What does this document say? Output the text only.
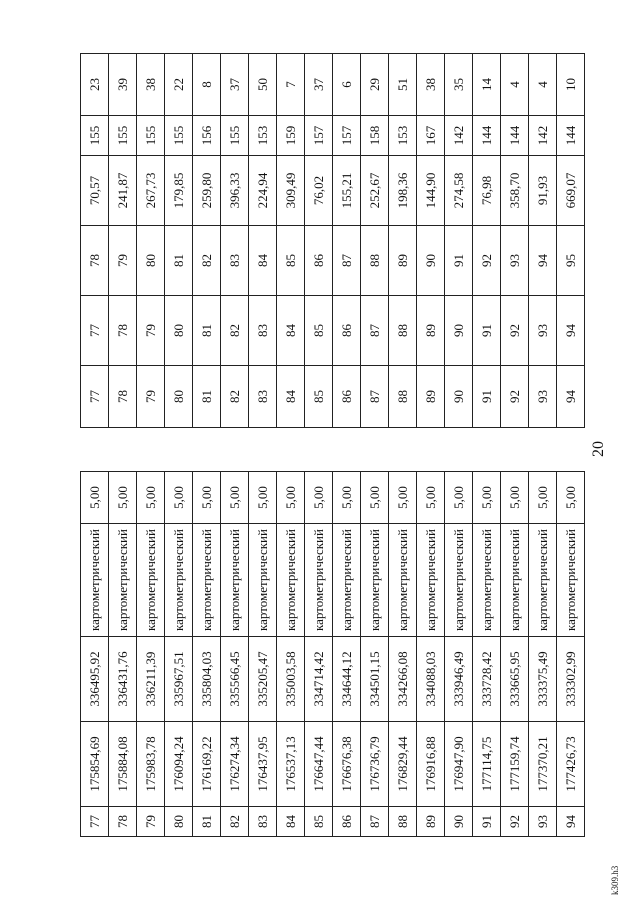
20
k309.h3
77	175854,69	336495,92	картометрический	5,00		77	77	78	70,57	155	23
78	175884,08	336431,76	картометрический	5,00		78	78	79	241,87	155	39
79	175983,78	336211,39	картометрический	5,00		79	79	80	267,73	155	38
80	176094,24	335967,51	картометрический	5,00		80	80	81	179,85	155	22
81	176169,22	335804,03	картометрический	5,00		81	81	82	259,80	156	8
82	176274,34	335566,45	картометрический	5,00		82	82	83	396,33	155	37
83	176437,95	335205,47	картометрический	5,00		83	83	84	224,94	153	50
84	176537,13	335003,58	картометрический	5,00		84	84	85	309,49	159	7
85	176647,44	334714,42	картометрический	5,00		85	85	86	76,02	157	37
86	176676,38	334644,12	картометрический	5,00		86	86	87	155,21	157	6
87	176736,79	334501,15	картометрический	5,00		87	87	88	252,67	158	29
88	176829,44	334266,08	картометрический	5,00		88	88	89	198,36	153	51
89	176916,88	334088,03	картометрический	5,00		89	89	90	144,90	167	38
90	176947,90	333946,49	картометрический	5,00		90	90	91	274,58	142	35
91	177114,75	333728,42	картометрический	5,00		91	91	92	76,98	144	14
92	177159,74	333665,95	картометрический	5,00		92	92	93	358,70	144	4
93	177370,21	333375,49	картометрический	5,00		93	93	94	91,93	142	4
94	177426,73	333302,99	картометрический	5,00		94	94	95	669,07	144	10
